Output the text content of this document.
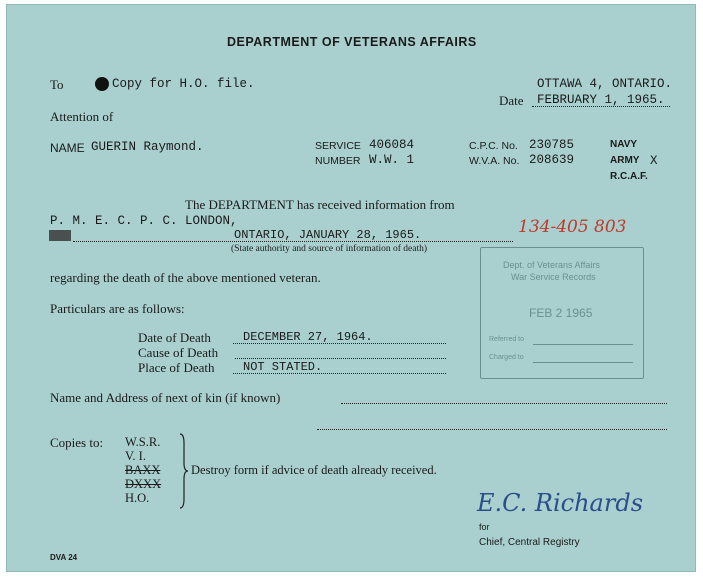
DEPARTMENT OF VETERANS AFFAIRS
To	Copy for H.O. file.	OTTAWA 4, ONTARIO.
Date FEBRUARY 1, 1965.
Attention of
NAME GUERIN Raymond.	SERVICE 406084
NUMBER W.W. 1
C.P.C. No. 230785
W.V.A. No. 208639
NAVY
ARMY X
R.C.A.F.
The DEPARTMENT has received information from
P. M. E. C. P. C. LONDON,
ONTARIO, JANUARY 28, 1965.	134-405 803
(State authority and source of information of death)
regarding the death of the above mentioned veteran.
Dept. of Veterans Affairs
War Service Records
FEB 2 1965
Referred to
Charged to
Particulars are as follows:
Date of Death	DECEMBER 27, 1964.
Cause of Death
Place of Death NOT STATED.
Name and Address of next of kin (if known)
Copies to: W.S.R.
V. I.
BAXX
DXXX
H.O.
Destroy form if advice of death already received.
E.C. Richards
for
Chief, Central Registry
DVA 24
